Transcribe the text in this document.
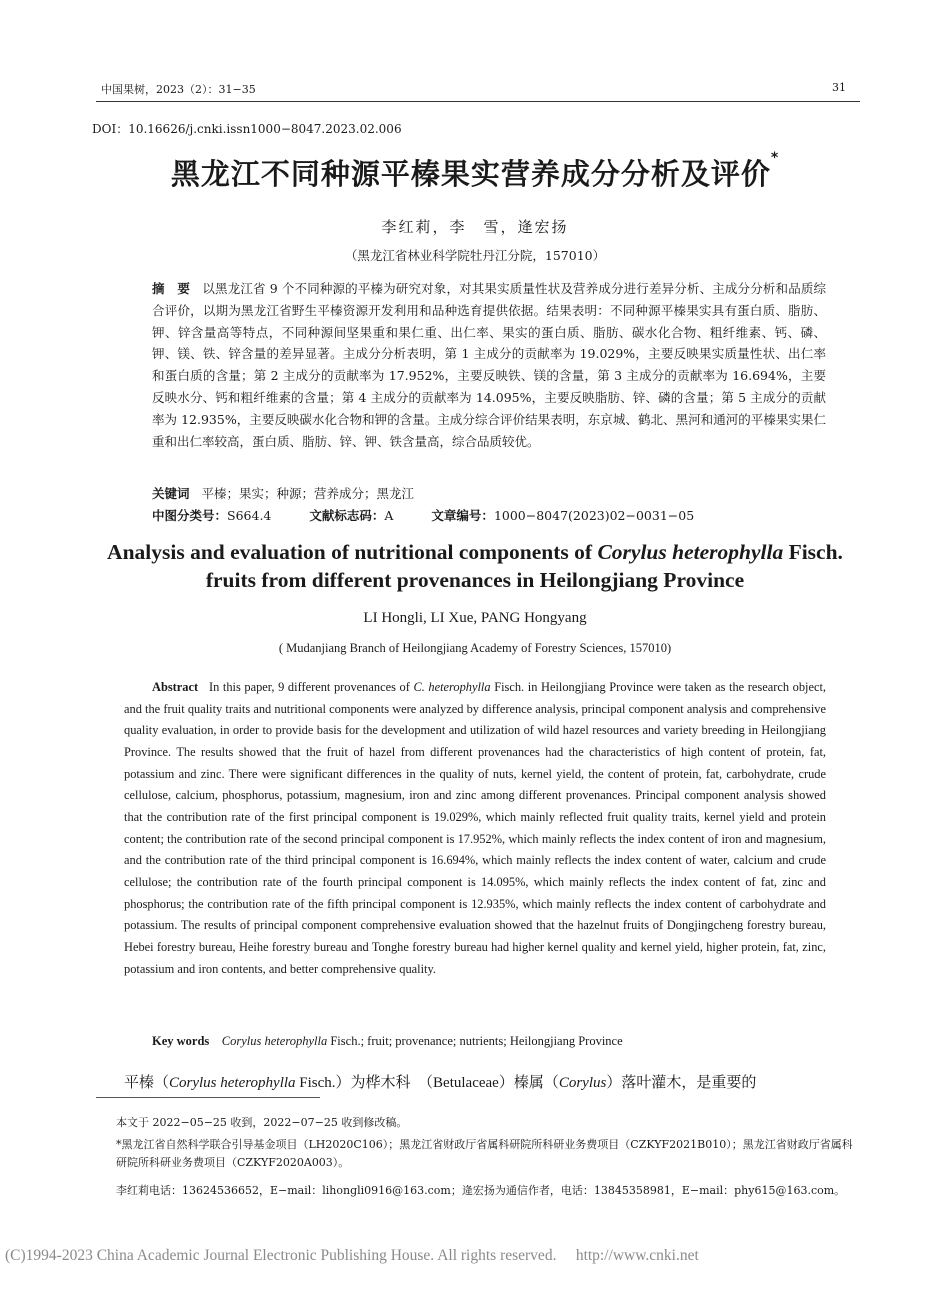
中国果树，2023（2）：31−35	31
DOI：10.16626/j.cnki.issn1000−8047.2023.02.006
黑龙江不同种源平榛果实营养成分分析及评价*
李红莉，李　雪，逄宏扬
（黑龙江省林业科学院牡丹江分院，157010）
摘　要 以黑龙江省 9 个不同种源的平榛为研究对象，对其果实质量性状及营养成分进行差异分析、主成分分析和品质综合评价，以期为黑龙江省野生平榛资源开发利用和品种选育提供依据。结果表明：不同种源平榛果实具有蛋白质、脂肪、钾、锌含量高等特点，不同种源间坚果重和果仁重、出仁率、果实的蛋白质、脂肪、碳水化合物、粗纤维素、钙、磷、钾、镁、铁、锌含量的差异显著。主成分分析表明，第 1 主成分的贡献率为 19.029%，主要反映果实质量性状、出仁率和蛋白质的含量；第 2 主成分的贡献率为 17.952%，主要反映铁、镁的含量，第 3 主成分的贡献率为 16.694%，主要反映水分、钙和粗纤维素的含量；第 4 主成分的贡献率为 14.095%，主要反映脂肪、锌、磷的含量；第 5 主成分的贡献率为 12.935%，主要反映碳水化合物和钾的含量。主成分综合评价结果表明，东京城、鹤北、黑河和通河的平榛果实果仁重和出仁率较高，蛋白质、脂肪、锌、钾、铁含量高，综合品质较优。
关键词 平榛；果实；种源；营养成分；黑龙江
中图分类号：S664.4	文献标志码：A	文章编号：1000−8047(2023)02−0031−05
Analysis and evaluation of nutritional components of Corylus heterophylla Fisch.
fruits from different provenances in Heilongjiang Province
LI Hongli, LI Xue, PANG Hongyang
( Mudanjiang Branch of Heilongjiang Academy of Forestry Sciences, 157010)
Abstract In this paper, 9 different provenances of C. heterophylla Fisch. in Heilongjiang Province were taken as the research object, and the fruit quality traits and nutritional components were analyzed by difference analysis, principal component analysis and comprehensive quality evaluation, in order to provide basis for the development and utilization of wild hazel resources and variety breeding in Heilongjiang Province. The results showed that the fruit of hazel from different provenances had the characteristics of high content of protein, fat, potassium and zinc. There were significant differences in the quality of nuts, kernel yield, the content of protein, fat, carbohydrate, crude cellulose, calcium, phosphorus, potassium, magnesium, iron and zinc among different provenances. Principal component analysis showed that the contribution rate of the first principal component is 19.029%, which mainly reflected fruit quality traits, kernel yield and protein content; the contribution rate of the second principal component is 17.952%, which mainly reflects the index content of iron and magnesium, and the contribution rate of the third principal component is 16.694%, which mainly reflects the index content of water, calcium and crude cellulose; the contribution rate of the fourth principal component is 14.095%, which mainly reflects the index content of fat, zinc and phosphorus; the contribution rate of the fifth principal component is 12.935%, which mainly reflects the index content of carbohydrate and potassium. The results of principal component comprehensive evaluation showed that the hazelnut fruits of Dongjingcheng forestry bureau, Hebei forestry bureau, Heihe forestry bureau and Tonghe forestry bureau had higher kernel quality and kernel yield, higher protein, fat, zinc, potassium and iron contents, and better comprehensive quality.
Key words Corylus heterophylla Fisch.; fruit; provenance; nutrients; Heilongjiang Province
平榛（Corylus heterophylla Fisch.）为桦木科　（Betulaceae）榛属（Corylus）落叶灌木，是重要的
本文于 2022−05−25 收到，2022−07−25 收到修改稿。
*黑龙江省自然科学联合引导基金项目（LH2020C106）；黑龙江省财政厅省属科研院所科研业务费项目（CZKYF2021B010）；黑龙江省财政厅省属科研院所科研业务费项目（CZKYF2020A003）。
李红莉电话：13624536652，E−mail：lihongli0916@163.com；逄宏扬为通信作者，电话：13845358981，E−mail：phy615@163.com。
(C)1994-2023 China Academic Journal Electronic Publishing House. All rights reserved.　 http://www.cnki.net
